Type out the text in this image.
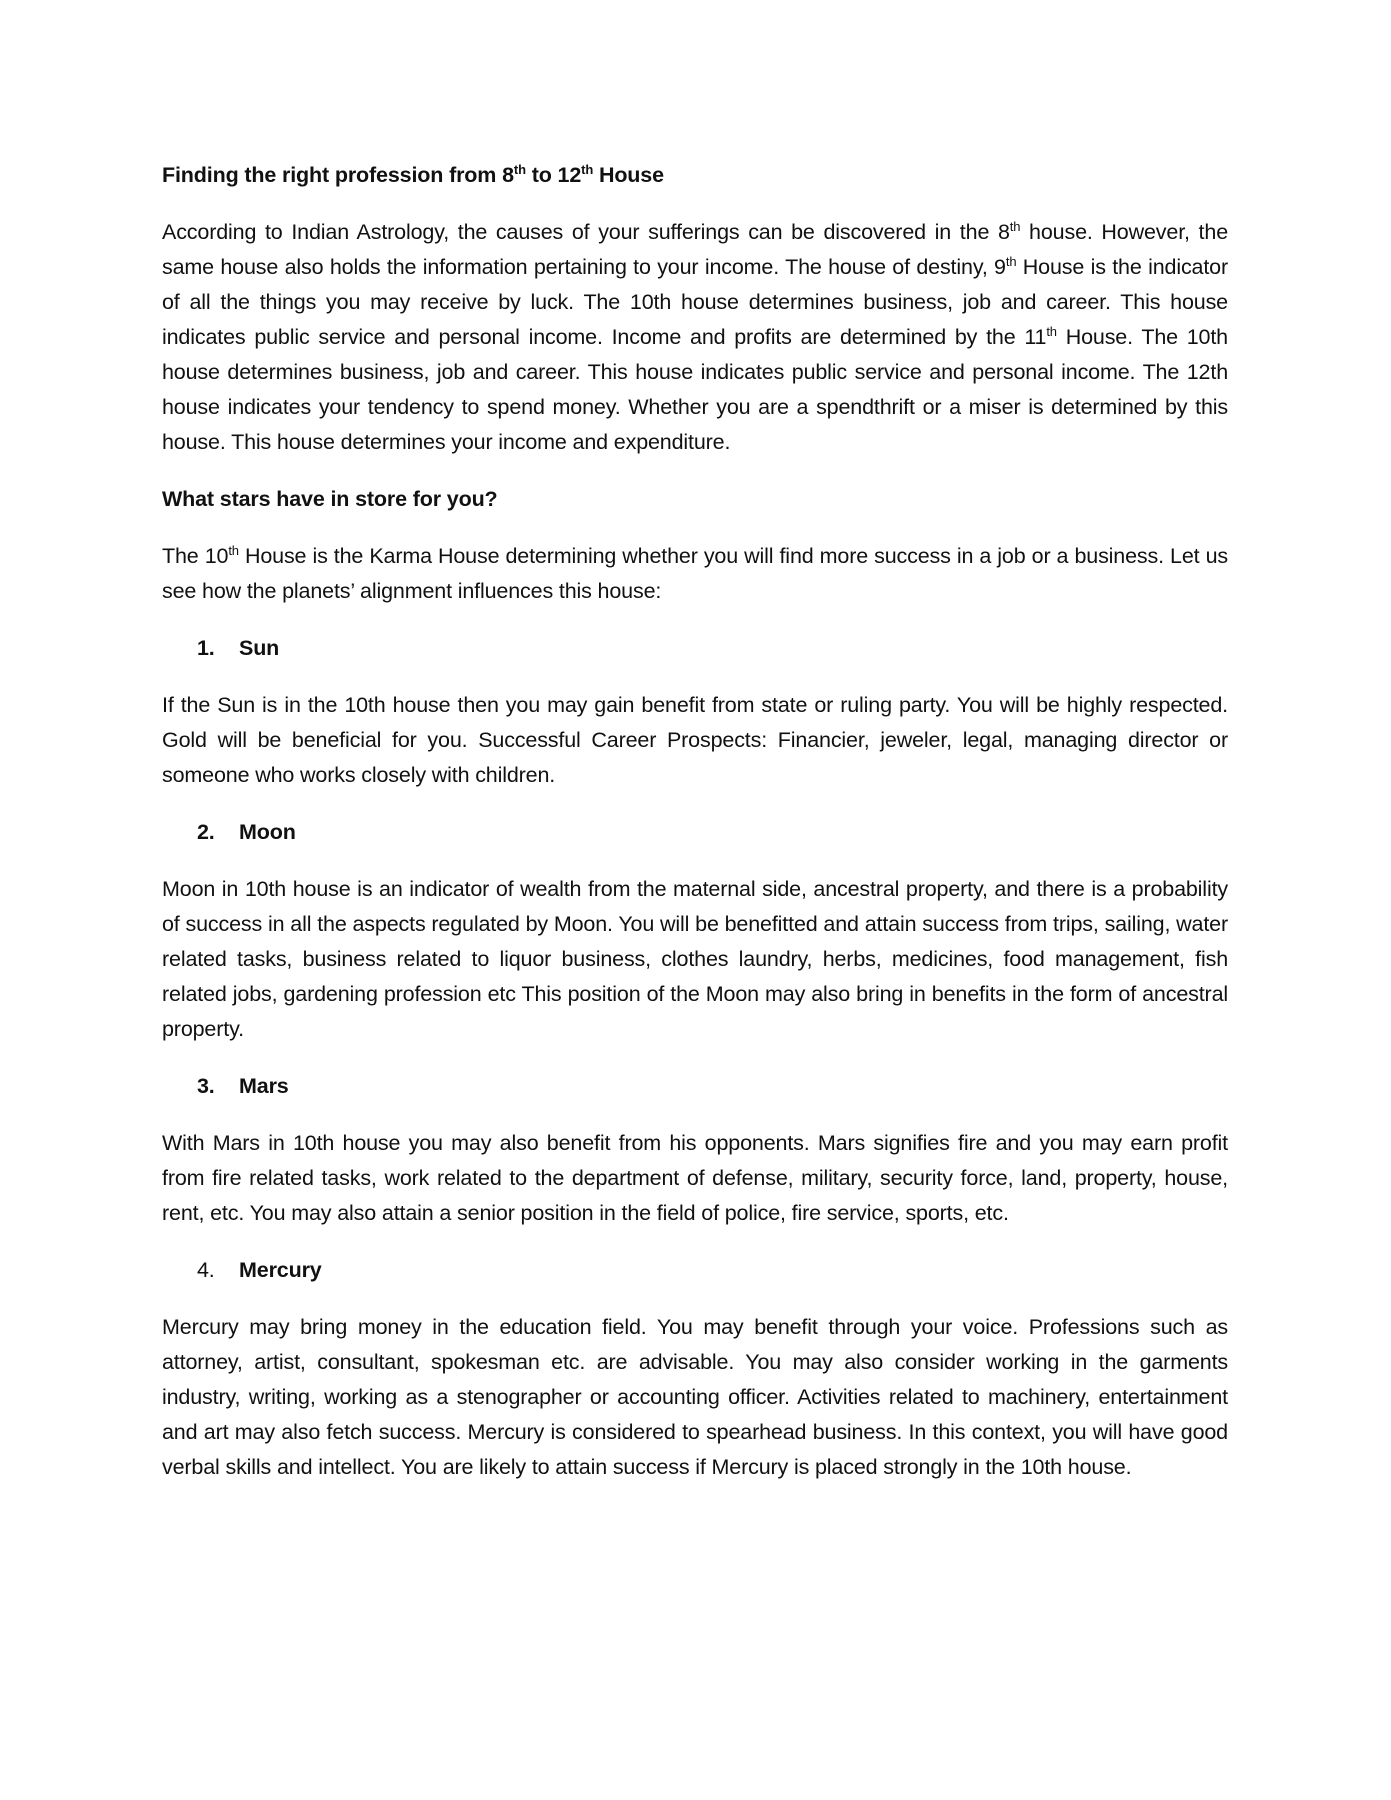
Finding the right profession from 8th to 12th House

According to Indian Astrology, the causes of your sufferings can be discovered in the 8th house. However, the same house also holds the information pertaining to your income. The house of destiny, 9th House is the indicator of all the things you may receive by luck. The 10th house determines business, job and career. This house indicates public service and personal income. Income and profits are determined by the 11th House. The 10th house determines business, job and career. This house indicates public service and personal income. The 12th house indicates your tendency to spend money. Whether you are a spendthrift or a miser is determined by this house. This house determines your income and expenditure.

What stars have in store for you?

The 10th House is the Karma House determining whether you will find more success in a job or a business. Let us see how the planets’ alignment influences this house:

1. Sun

If the Sun is in the 10th house then you may gain benefit from state or ruling party. You will be highly respected. Gold will be beneficial for you. Successful Career Prospects: Financier, jeweler, legal, managing director or someone who works closely with children.

2. Moon

Moon in 10th house is an indicator of wealth from the maternal side, ancestral property, and there is a probability of success in all the aspects regulated by Moon. You will be benefitted and attain success from trips, sailing, water related tasks, business related to liquor business, clothes laundry, herbs, medicines, food management, fish related jobs, gardening profession etc This position of the Moon may also bring in benefits in the form of ancestral property.

3. Mars

With Mars in 10th house you may also benefit from his opponents. Mars signifies fire and you may earn profit from fire related tasks, work related to the department of defense, military, security force, land, property, house, rent, etc. You may also attain a senior position in the field of police, fire service, sports, etc.

4. Mercury

Mercury may bring money in the education field. You may benefit through your voice. Professions such as attorney, artist, consultant, spokesman etc. are advisable. You may also consider working in the garments industry, writing, working as a stenographer or accounting officer. Activities related to machinery, entertainment and art may also fetch success. Mercury is considered to spearhead business. In this context, you will have good verbal skills and intellect. You are likely to attain success if Mercury is placed strongly in the 10th house.
